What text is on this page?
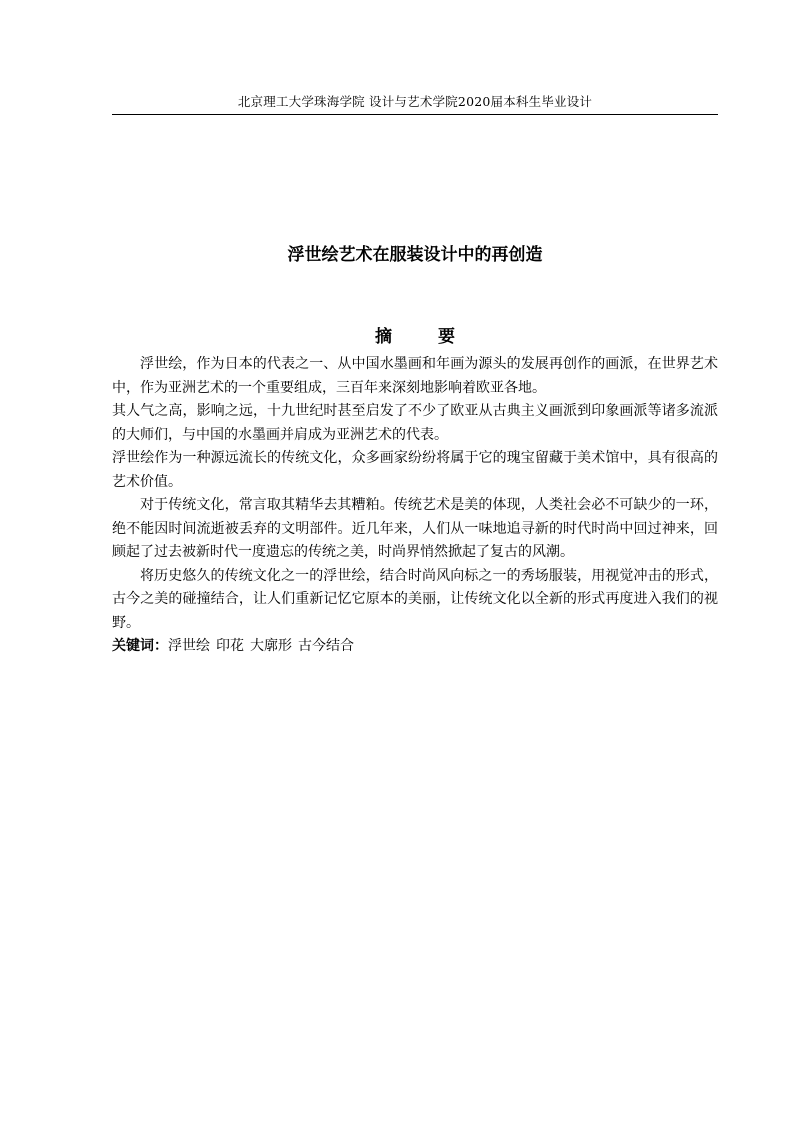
北京理工大学珠海学院 设计与艺术学院2020届本科生毕业设计
浮世绘艺术在服装设计中的再创造
摘 要

浮世绘，作为日本的代表之一、从中国水墨画和年画为源头的发展再创作的画派，在世界艺术中，作为亚洲艺术的一个重要组成，三百年来深刻地影响着欧亚各地。

其人气之高，影响之远，十九世纪时甚至启发了不少了欧亚从古典主义画派到印象画派等诸多流派的大师们，与中国的水墨画并肩成为亚洲艺术的代表。

浮世绘作为一种源远流长的传统文化，众多画家纷纷将属于它的瑰宝留藏于美术馆中，具有很高的艺术价值。

对于传统文化，常言取其精华去其糟粕。传统艺术是美的体现，人类社会必不可缺少的一环，绝不能因时间流逝被丢弃的文明部件。近几年来，人们从一味地追寻新的时代时尚中回过神来，回顾起了过去被新时代一度遗忘的传统之美，时尚界悄然掀起了复古的风潮。

将历史悠久的传统文化之一的浮世绘，结合时尚风向标之一的秀场服装，用视觉冲击的形式，古今之美的碰撞结合，让人们重新记忆它原本的美丽，让传统文化以全新的形式再度进入我们的视野。

关键词：浮世绘 印花 大廓形 古今结合
